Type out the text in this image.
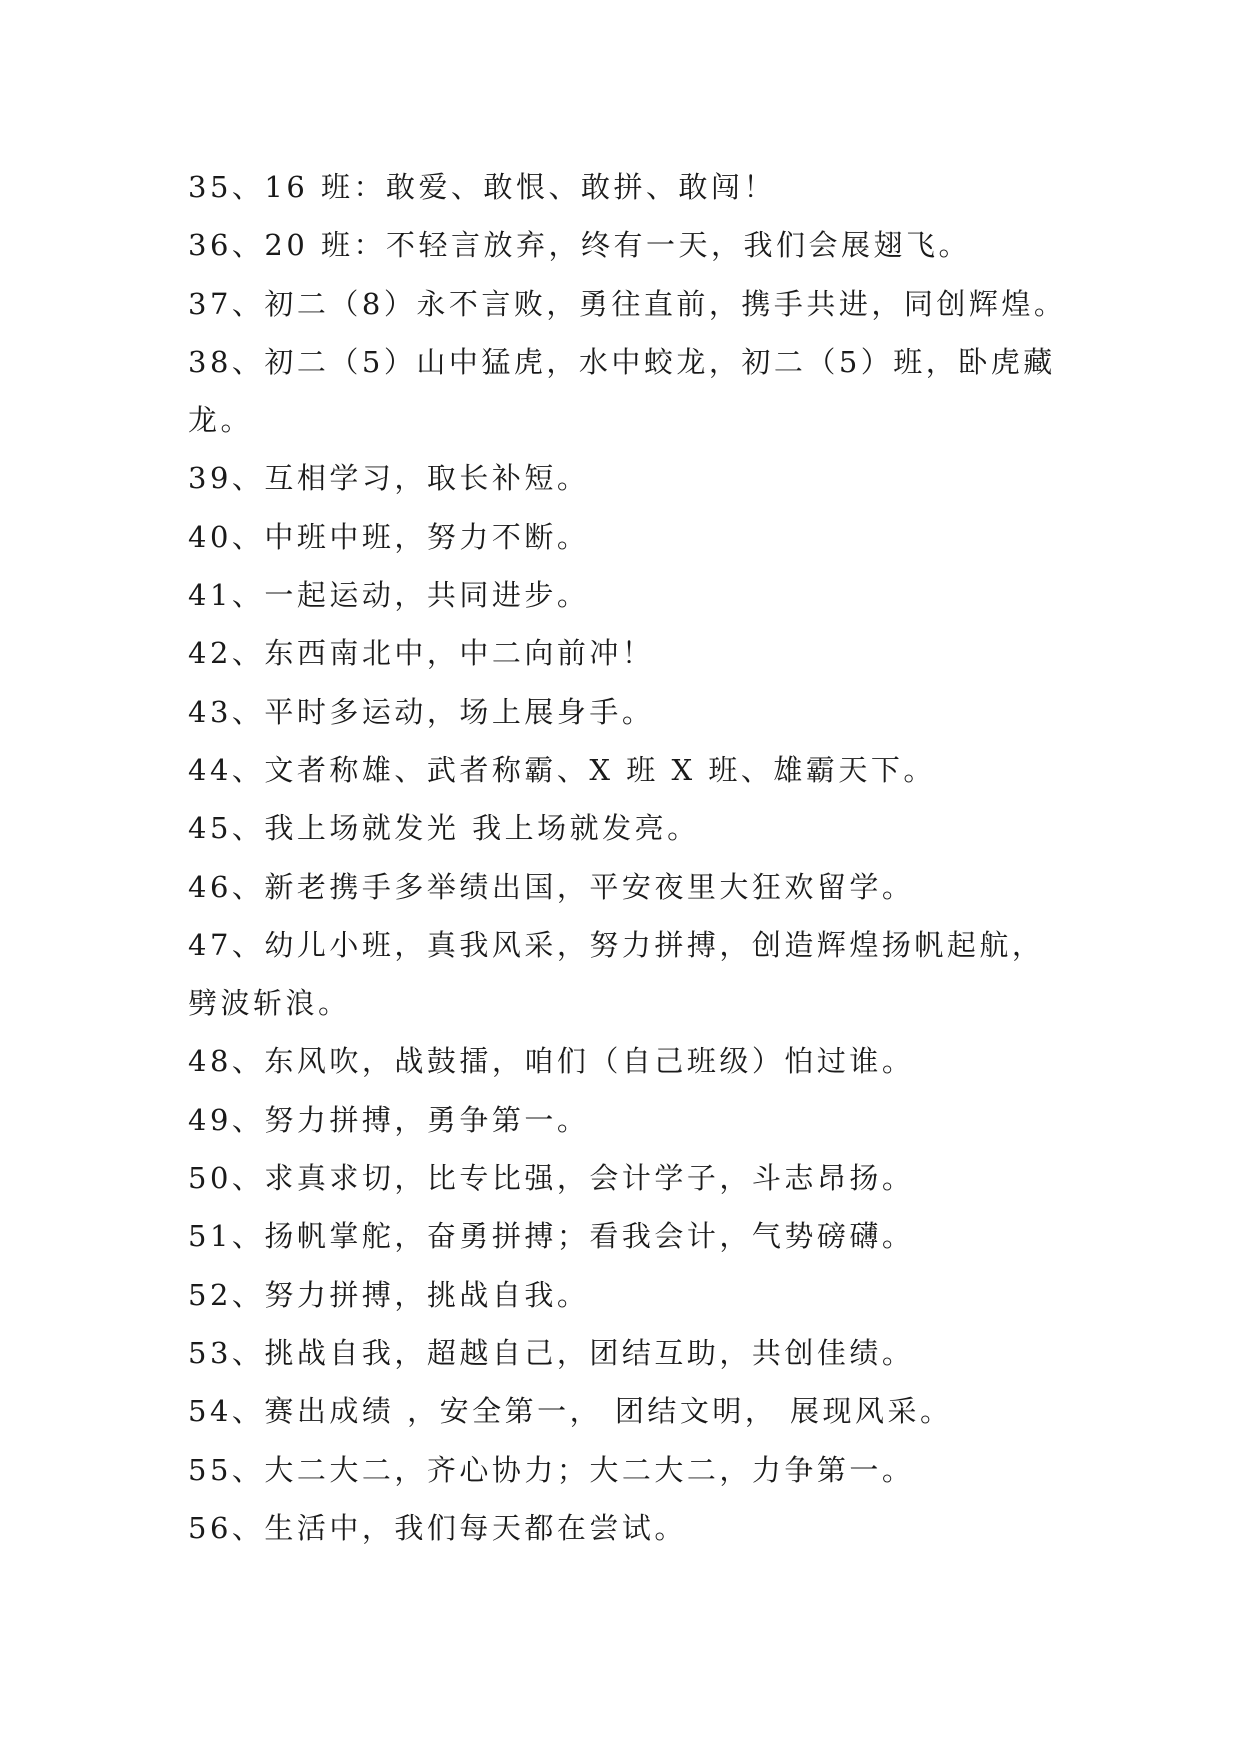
35、16 班：敢爱、敢恨、敢拼、敢闯！
36、20 班：不轻言放弃，终有一天，我们会展翅飞。
37、初二（8）永不言败，勇往直前，携手共进，同创辉煌。
38、初二（5）山中猛虎，水中蛟龙，初二（5）班，卧虎藏
龙。
39、互相学习，取长补短。
40、中班中班，努力不断。
41、一起运动，共同进步。
42、东西南北中，中二向前冲！
43、平时多运动，场上展身手。
44、文者称雄、武者称霸、X 班 X 班、雄霸天下。
45、我上场就发光 我上场就发亮。
46、新老携手多举绩出国，平安夜里大狂欢留学。
47、幼儿小班，真我风采，努力拼搏，创造辉煌扬帆起航，
劈波斩浪。
48、东风吹，战鼓擂，咱们（自己班级）怕过谁。
49、努力拼搏，勇争第一。
50、求真求切，比专比强，会计学子，斗志昂扬。
51、扬帆掌舵，奋勇拼搏；看我会计，气势磅礴。
52、努力拼搏，挑战自我。
53、挑战自我，超越自己，团结互助，共创佳绩。
54、赛出成绩 ，安全第一， 团结文明， 展现风采。
55、大二大二，齐心协力；大二大二，力争第一。
56、生活中，我们每天都在尝试。
